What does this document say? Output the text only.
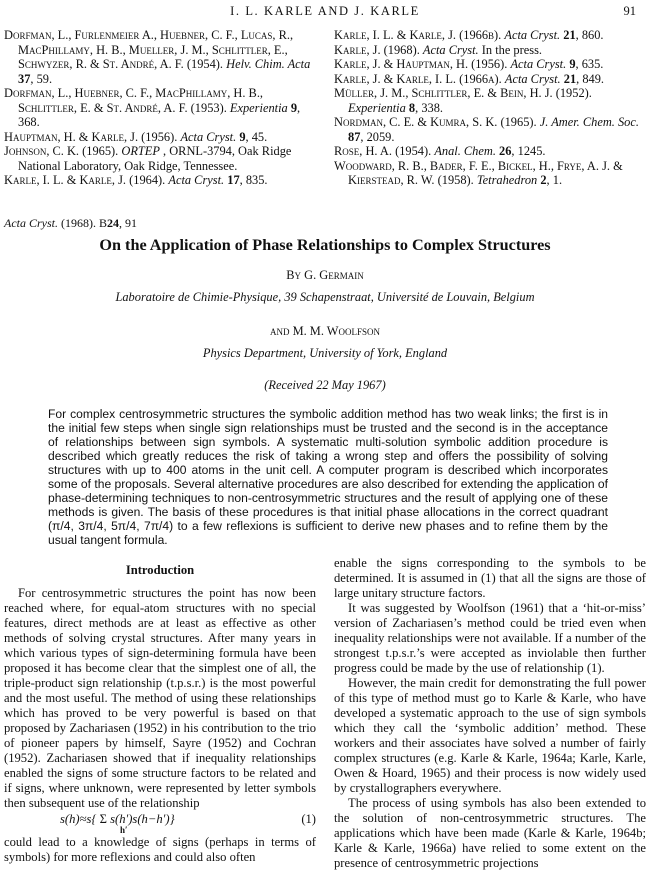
I. L. KARLE AND J. KARLE	91

Dorfman, L., Furlenmeier A., Huebner, C. F., Lucas, R., MacPhillamy, H. B., Mueller, J. M., Schlittler, E., Schwyzer, R. & St. André, A. F. (1954). Helv. Chim. Acta 37, 59.

Dorfman, L., Huebner, C. F., MacPhillamy, H. B., Schlittler, E. & St. André, A. F. (1953). Experientia 9, 368.

Hauptman, H. & Karle, J. (1956). Acta Cryst. 9, 45.

Johnson, C. K. (1965). ORTEP , ORNL-3794, Oak Ridge National Laboratory, Oak Ridge, Tennessee.

Karle, I. L. & Karle, J. (1964). Acta Cryst. 17, 835.

Karle, I. L. & Karle, J. (1966b). Acta Cryst. 21, 860.

Karle, J. (1968). Acta Cryst. In the press.

Karle, J. & Hauptman, H. (1956). Acta Cryst. 9, 635.

Karle, J. & Karle, I. L. (1966a). Acta Cryst. 21, 849.

Müller, J. M., Schlittler, E. & Bein, H. J. (1952). Experientia 8, 338.

Nordman, C. E. & Kumra, S. K. (1965). J. Amer. Chem. Soc. 87, 2059.

Rose, H. A. (1954). Anal. Chem. 26, 1245.

Woodward, R. B., Bader, F. E., Bickel, H., Frye, A. J. & Kierstead, R. W. (1958). Tetrahedron 2, 1.

Acta Cryst. (1968). B24, 91
On the Application of Phase Relationships to Complex Structures
By G. Germain
Laboratoire de Chimie-Physique, 39 Schapenstraat, Université de Louvain, Belgium
and M. M. Woolfson
Physics Department, University of York, England
(Received 22 May 1967)
For complex centrosymmetric structures the symbolic addition method has two weak links; the first is in the initial few steps when single sign relationships must be trusted and the second is in the acceptance of relationships between sign symbols. A systematic multi-solution symbolic addition procedure is described which greatly reduces the risk of taking a wrong step and offers the possibility of solving structures with up to 400 atoms in the unit cell. A computer program is described which incorporates some of the proposals. Several alternative procedures are also described for extending the application of phase-determining techniques to non-centrosymmetric structures and the result of applying one of these methods is given. The basis of these procedures is that initial phase allocations in the correct quadrant (π/4, 3π/4, 5π/4, 7π/4) to a few reflexions is sufficient to derive new phases and to refine them by the usual tangent formula.
Introduction

For centrosymmetric structures the point has now been reached where, for equal-atom structures with no special features, direct methods are at least as effective as other methods of solving crystal structures. After many years in which various types of sign-determining formula have been proposed it has become clear that the simplest one of all, the triple-product sign relationship (t.p.s.r.) is the most powerful and the most useful. The method of using these relationships which has proved to be very powerful is based on that proposed by Zachariasen (1952) in his contribution to the trio of pioneer papers by himself, Sayre (1952) and Cochran (1952). Zachariasen showed that if inequality relationships enabled the signs of some structure factors to be related and if signs, where unknown, were represented by letter symbols then subsequent use of the relationship

s(h)≈s{ Σ s(h′)s(h−h′)}
h′
(1)

could lead to a knowledge of signs (perhaps in terms of symbols) for more reflexions and could also often

enable the signs corresponding to the symbols to be determined. It is assumed in (1) that all the signs are those of large unitary structure factors.

It was suggested by Woolfson (1961) that a ‘hit-or-miss’ version of Zachariasen’s method could be tried even when inequality relationships were not available. If a number of the strongest t.p.s.r.’s were accepted as inviolable then further progress could be made by the use of relationship (1).

However, the main credit for demonstrating the full power of this type of method must go to Karle & Karle, who have developed a systematic approach to the use of sign symbols which they call the ‘symbolic addition’ method. These workers and their associates have solved a number of fairly complex structures (e.g. Karle & Karle, 1964a; Karle, Karle, Owen & Hoard, 1965) and their process is now widely used by crystallographers everywhere.

The process of using symbols has also been extended to the solution of non-centrosymmetric structures. The applications which have been made (Karle & Karle, 1964b; Karle & Karle, 1966a) have relied to some extent on the presence of centrosymmetric projections
